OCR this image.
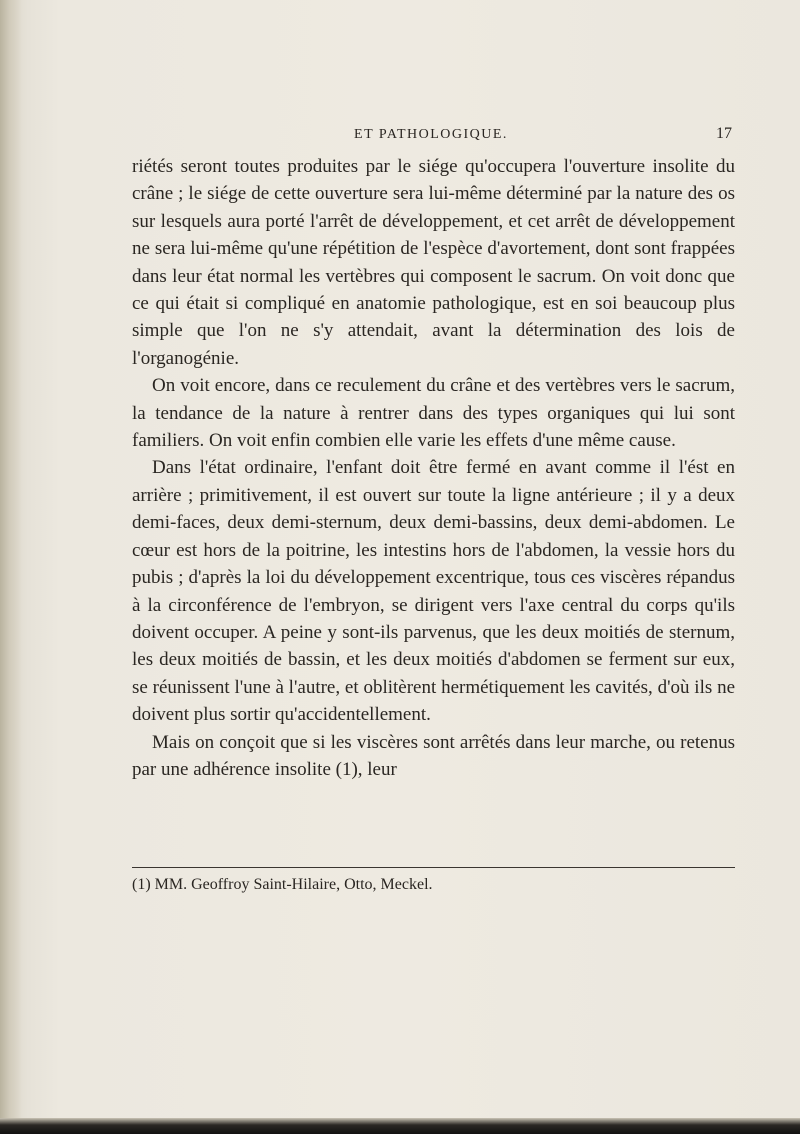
ET PATHOLOGIQUE.	17

riétés seront toutes produites par le siége qu'occupera l'ouverture insolite du crâne ; le siége de cette ouverture sera lui-même déterminé par la nature des os sur lesquels aura porté l'arrêt de développement, et cet arrêt de développement ne sera lui-même qu'une répétition de l'espèce d'avortement, dont sont frappées dans leur état normal les vertèbres qui composent le sacrum. On voit donc que ce qui était si compliqué en anatomie pathologique, est en soi beaucoup plus simple que l'on ne s'y attendait, avant la détermination des lois de l'organogénie.

On voit encore, dans ce reculement du crâne et des vertèbres vers le sacrum, la tendance de la nature à rentrer dans des types organiques qui lui sont familiers. On voit enfin combien elle varie les effets d'une même cause.

Dans l'état ordinaire, l'enfant doit être fermé en avant comme il l'ést en arrière ; primitivement, il est ouvert sur toute la ligne antérieure ; il y a deux demi-faces, deux demi-sternum, deux demi-bassins, deux demi-abdomen. Le cœur est hors de la poitrine, les intestins hors de l'abdomen, la vessie hors du pubis ; d'après la loi du développement excentrique, tous ces viscères répandus à la circonférence de l'embryon, se dirigent vers l'axe central du corps qu'ils doivent occuper. A peine y sont-ils parvenus, que les deux moitiés de sternum, les deux moitiés de bassin, et les deux moitiés d'abdomen se ferment sur eux, se réunissent l'une à l'autre, et oblitèrent hermétiquement les cavités, d'où ils ne doivent plus sortir qu'accidentellement.

Mais on conçoit que si les viscères sont arrêtés dans leur marche, ou retenus par une adhérence insolite (1), leur

(1) MM. Geoffroy Saint-Hilaire, Otto, Meckel.
